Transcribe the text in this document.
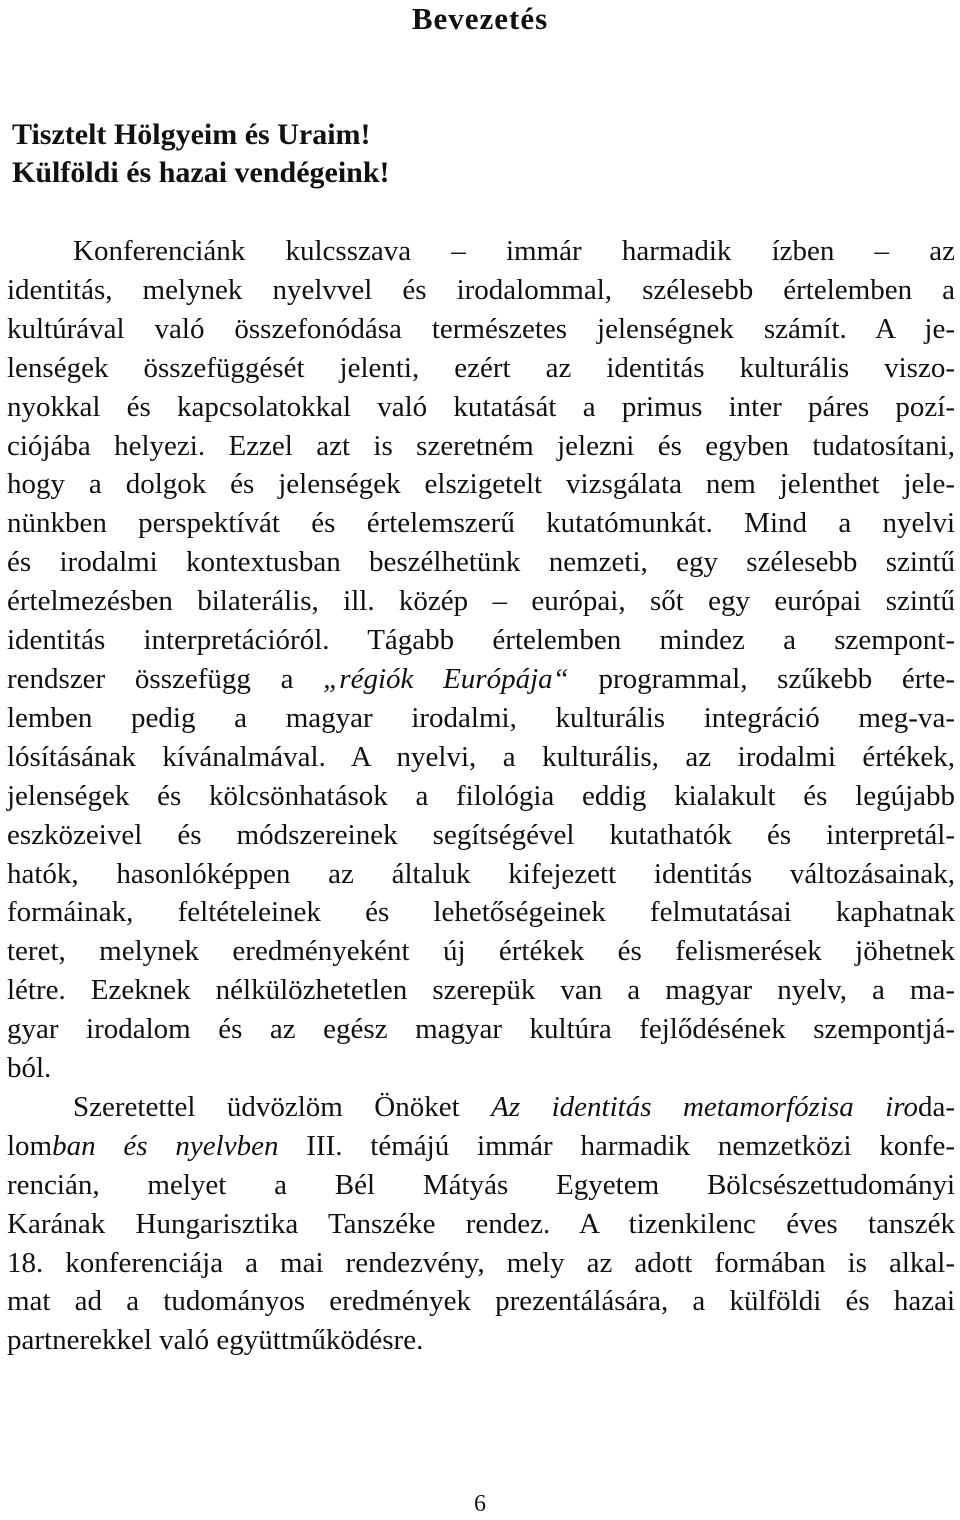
Bevezetés
Tisztelt Hölgyeim és Uraim!
Külföldi és hazai vendégeink!
Konferenciánk kulcsszava ‒ immár harmadik ízben ‒ az
identitás, melynek nyelvvel és irodalommal, szélesebb értelemben a
kultúrával való összefonódása természetes jelenségnek számít. A je-
lenségek összefüggését jelenti, ezért az identitás kulturális viszo-
nyokkal és kapcsolatokkal való kutatását a primus inter páres pozí-
ciójába helyezi. Ezzel azt is szeretném jelezni és egyben tudatosítani,
hogy a dolgok és jelenségek elszigetelt vizsgálata nem jelenthet jele-
nünkben perspektívát és értelemszerű kutatómunkát. Mind a nyelvi
és irodalmi kontextusban beszélhetünk nemzeti, egy szélesebb szintű
értelmezésben bilaterális, ill. közép ‒ európai, sőt egy európai szintű
identitás interpretációról. Tágabb értelemben mindez a szempont-
rendszer összefügg a „régiók Európája“ programmal, szűkebb érte-
lemben pedig a magyar irodalmi, kulturális integráció meg-va-
lósításának kívánalmával. A nyelvi, a kulturális, az irodalmi értékek,
jelenségek és kölcsönhatások a filológia eddig kialakult és legújabb
eszközeivel és módszereinek segítségével kutathatók és interpretál-
hatók, hasonlóképpen az általuk kifejezett identitás változásainak,
formáinak, feltételeinek és lehetőségeinek felmutatásai kaphatnak
teret, melynek eredményeként új értékek és felismerések jöhetnek
létre. Ezeknek nélkülözhetetlen szerepük van a magyar nyelv, a ma-
gyar irodalom és az egész magyar kultúra fejlődésének szempontjá-
ból.
Szeretettel üdvözlöm Önöket Az identitás metamorfózisa iroda-
lomban és nyelvben III. témájú immár harmadik nemzetközi konfe-
rencián, melyet a Bél Mátyás Egyetem Bölcsészettudományi
Karának Hungarisztika Tanszéke rendez. A tizenkilenc éves tanszék
18. konferenciája a mai rendezvény, mely az adott formában is alkal-
mat ad a tudományos eredmények prezentálására, a külföldi és hazai
partnerekkel való együttműködésre.
6
